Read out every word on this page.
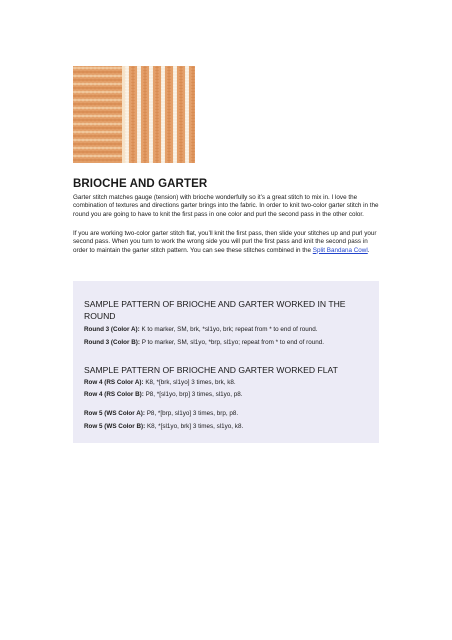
BRIOCHE AND GARTER

Garter stitch matches gauge (tension) with brioche wonderfully so it’s a great stitch to mix in. I love the combination of textures and directions garter brings into the fabric. In order to knit two-color garter stitch in the round you are going to have to knit the first pass in one color and purl the second pass in the other color.

If you are working two-color garter stitch flat, you’ll knit the first pass, then slide your stitches up and purl your second pass. When you turn to work the wrong side you will purl the first pass and knit the second pass in order to maintain the garter stitch pattern. You can see these stitches combined in the Split Bandana Cowl.

SAMPLE PATTERN OF BRIOCHE AND GARTER WORKED IN THE ROUND

Round 3 (Color A): K to marker, SM, brk, *sl1yo, brk; repeat from * to end of round.

Round 3 (Color B): P to marker, SM, sl1yo, *brp, sl1yo; repeat from * to end of round.

SAMPLE PATTERN OF BRIOCHE AND GARTER WORKED FLAT

Row 4 (RS Color A): K8, *[brk, sl1yo] 3 times, brk, k8.

Row 4 (RS Color B): P8, *[sl1yo, brp] 3 times, sl1yo, p8.

Row 5 (WS Color A): P8, *[brp, sl1yo] 3 times, brp, p8.

Row 5 (WS Color B): K8, *[sl1yo, brk] 3 times, sl1yo, k8.
